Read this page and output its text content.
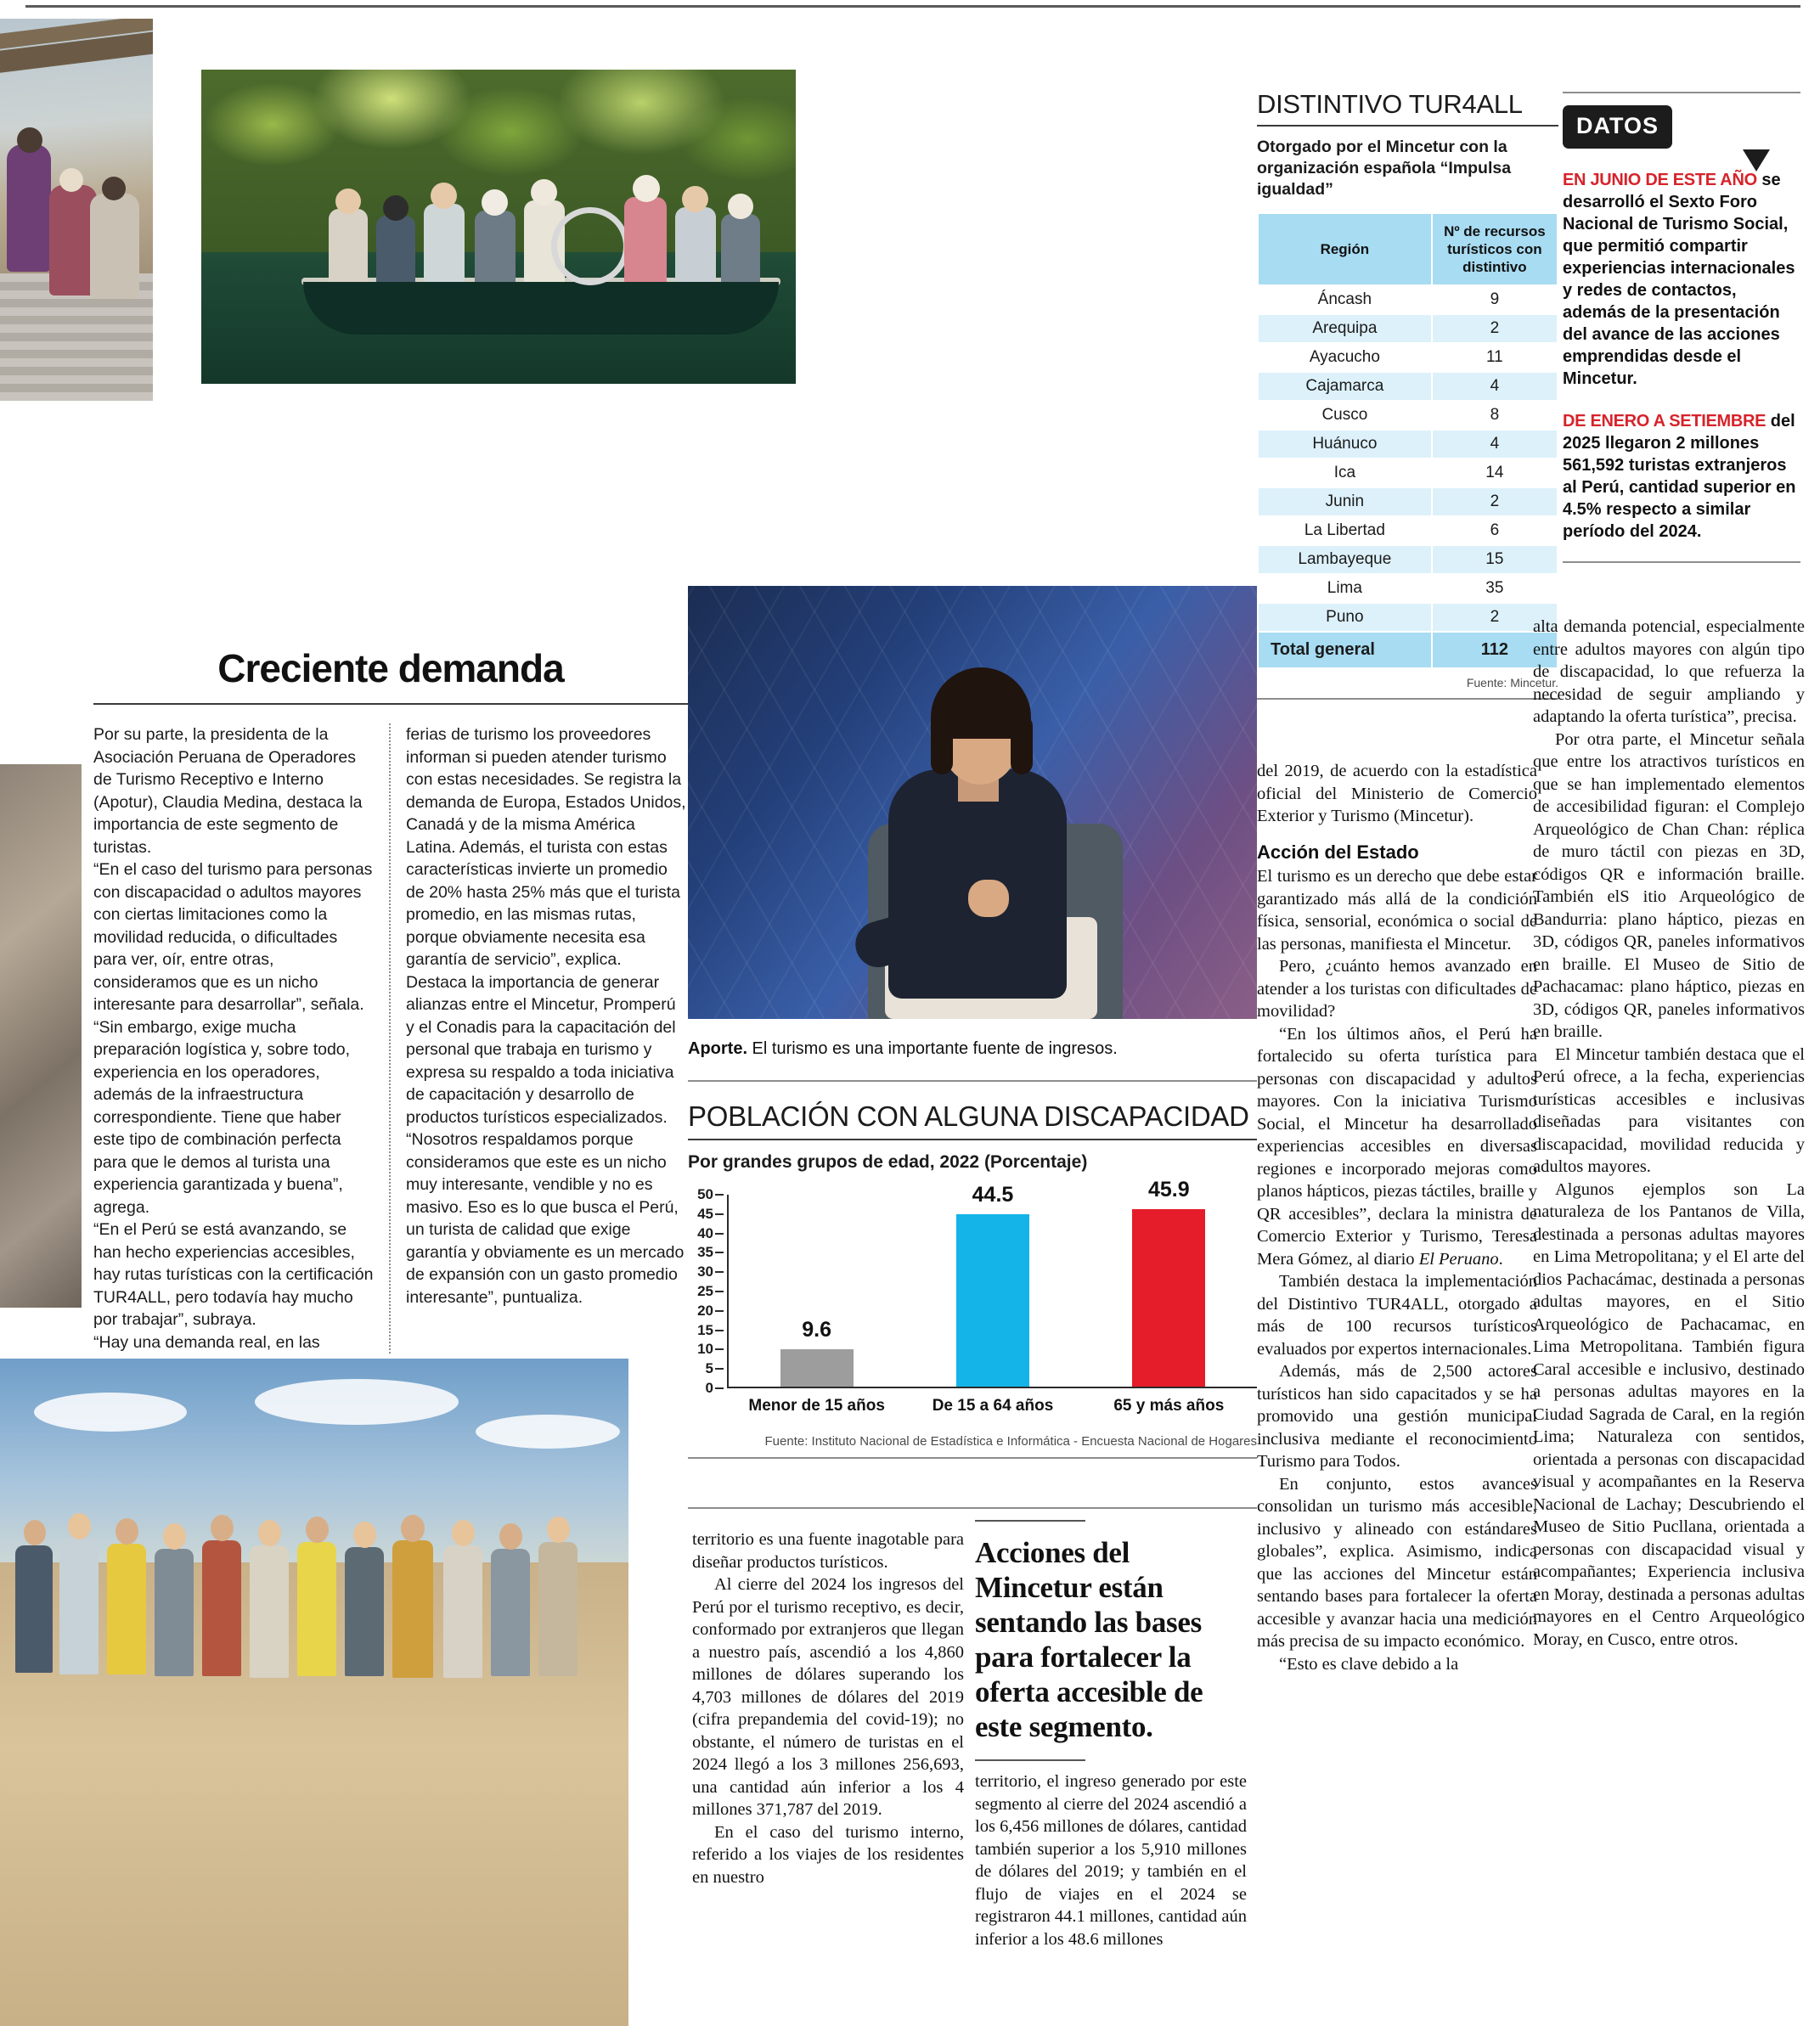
DISTINTIVO TUR4ALL
Otorgado por el Mincetur con la organización española “Impulsa igualdad”
Región	Nº de recursos turísticos con distintivo
Áncash	9
Arequipa	2
Ayacucho	11
Cajamarca	4
Cusco	8
Huánuco	4
Ica	14
Junin	2
La Libertad	6
Lambayeque	15
Lima	35
Puno	2
Total general	112
Fuente: Mincetur.
DATOS
EN JUNIO DE ESTE AÑO se desarrolló el Sexto Foro Nacional de Turismo Social, que permitió compartir experiencias internacionales y redes de contactos, además de la presentación del avance de las acciones emprendidas desde el Mincetur.
DE ENERO A SETIEMBRE del 2025 llegaron 2 millones 561,592 turistas extranjeros al Perú, cantidad superior en 4.5% respecto a similar período del 2024.
Creciente demanda

Por su parte, la presidenta de la Asociación Peruana de Operadores de Turismo Receptivo e Interno (Apotur), Claudia Medina, destaca la importancia de este segmento de turistas.

“En el caso del turismo para personas con discapacidad o adultos mayores con ciertas limitaciones como la movilidad reducida, o dificultades para ver, oír, entre otras, consideramos que es un nicho interesante para desarrollar”, señala.

“Sin embargo, exige mucha preparación logística y, sobre todo, experiencia en los operadores, además de la infraestructura correspondiente. Tiene que haber este tipo de combinación perfecta para que le demos al turista una experiencia garantizada y buena”, agrega.

“En el Perú se está avanzando, se han hecho experiencias accesibles, hay rutas turísticas con la certificación TUR4ALL, pero todavía hay mucho por trabajar”, subraya.

“Hay una demanda real, en las

ferias de turismo los proveedores informan si pueden atender turismo con estas necesidades. Se registra la demanda de Europa, Estados Unidos, Canadá y de la misma América Latina. Además, el turista con estas características invierte un promedio de 20% hasta 25% más que el turista promedio, en las mismas rutas, porque obviamente necesita esa garantía de servicio”, explica.

Destaca la importancia de generar alianzas entre el Mincetur, Promperú y el Conadis para la capacitación del personal que trabaja en turismo y expresa su respaldo a toda iniciativa de capacitación y desarrollo de productos turísticos especializados.

“Nosotros respaldamos porque consideramos que este es un nicho muy interesante, vendible y no es masivo. Eso es lo que busca el Perú, un turista de calidad que exige garantía y obviamente es un mercado de expansión con un gasto promedio interesante”, puntualiza.

Aporte. El turismo es una importante fuente de ingresos.
POBLACIÓN CON ALGUNA DISCAPACIDAD
Por grandes grupos de edad, 2022 (Porcentaje)
0
5
10
15
20
25
30
35
40
45
50
9.6
44.5	45.9
Menor de 15 años	De 15 a 64 años	65 y más años
Fuente: Instituto Nacional de Estadística e Informática - Encuesta Nacional de Hogares

del 2019, de acuerdo con la estadística oficial del Ministerio de Comercio Exterior y Turismo (Mincetur).

Acción del Estado

El turismo es un derecho que debe estar garantizado más allá de la condición física, sensorial, económica o social de las personas, manifiesta el Mincetur.

Pero, ¿cuánto hemos avanzado en atender a los turistas con dificultades de movilidad?

“En los últimos años, el Perú ha fortalecido su oferta turística para personas con discapacidad y adultos mayores. Con la iniciativa Turismo Social, el Mincetur ha desarrollado experiencias accesibles en diversas regiones e incorporado mejoras como planos hápticos, piezas táctiles, braille y QR accesibles”, declara la ministra de Comercio Exterior y Turismo, Teresa Mera Gómez, al diario El Peruano.

También destaca la implementación del Distintivo TUR4ALL, otorgado a más de 100 recursos turísticos evaluados por expertos internacionales.

Además, más de 2,500 actores turísticos han sido capacitados y se ha promovido una gestión municipal inclusiva mediante el reconocimiento Turismo para Todos.

En conjunto, estos avances consolidan un turismo más accesible, inclusivo y alineado con estándares globales”, explica. Asimismo, indica que las acciones del Mincetur están sentando bases para fortalecer la oferta accesible y avanzar hacia una medición más precisa de su impacto económico.

“Esto es clave debido a la

alta demanda potencial, especialmente entre adultos mayores con algún tipo de discapacidad, lo que refuerza la necesidad de seguir ampliando y adaptando la oferta turística”, precisa.

Por otra parte, el Mincetur señala que entre los atractivos turísticos en que se han implementado elementos de accesibilidad figuran: el Complejo Arqueológico de Chan Chan: réplica de muro táctil con piezas en 3D, códigos QR e información braille. También elS itio Arqueológico de Bandurria: plano háptico, piezas en 3D, códigos QR, paneles informativos en braille. El Museo de Sitio de Pachacamac: plano háptico, piezas en 3D, códigos QR, paneles informativos en braille.

El Mincetur también destaca que el Perú ofrece, a la fecha, experiencias turísticas accesibles e inclusivas diseñadas para visitantes con discapacidad, movilidad reducida y adultos mayores.

Algunos ejemplos son La naturaleza de los Pantanos de Villa, destinada a personas adultas mayores en Lima Metropolitana; y el El arte del dios Pachacámac, destinada a personas adultas mayores, en el Sitio Arqueológico de Pachacamac, en Lima Metropolitana. También figura Caral accesible e inclusivo, destinado a personas adultas mayores en la Ciudad Sagrada de Caral, en la región Lima; Naturaleza con sentidos, orientada a personas con discapacidad visual y acompañantes en la Reserva Nacional de Lachay; Descubriendo el Museo de Sitio Pucllana, orientada a personas con discapacidad visual y acompañantes; Experiencia inclusiva en Moray, destinada a personas adultas mayores en el Centro Arqueológico Moray, en Cusco, entre otros.

territorio es una fuente inagotable para diseñar productos turísticos.

Al cierre del 2024 los ingresos del Perú por el turismo receptivo, es decir, conformado por extranjeros que llegan a nuestro país, ascendió a los 4,860 millones de dólares superando los 4,703 millones de dólares del 2019 (cifra prepandemia del covid-19); no obstante, el número de turistas en el 2024 llegó a los 3 millones 256,693, una cantidad aún inferior a los 4 millones 371,787 del 2019.

En el caso del turismo interno, referido a los viajes de los residentes en nuestro

Acciones del Mincetur están sentando las bases para fortalecer la oferta accesible de este segmento.

territorio, el ingreso generado por este segmento al cierre del 2024 ascendió a los 6,456 millones de dólares, cantidad también superior a los 5,910 millones de dólares del 2019; y también en el flujo de viajes en el 2024 se registraron 44.1 millones, cantidad aún inferior a los 48.6 millones
